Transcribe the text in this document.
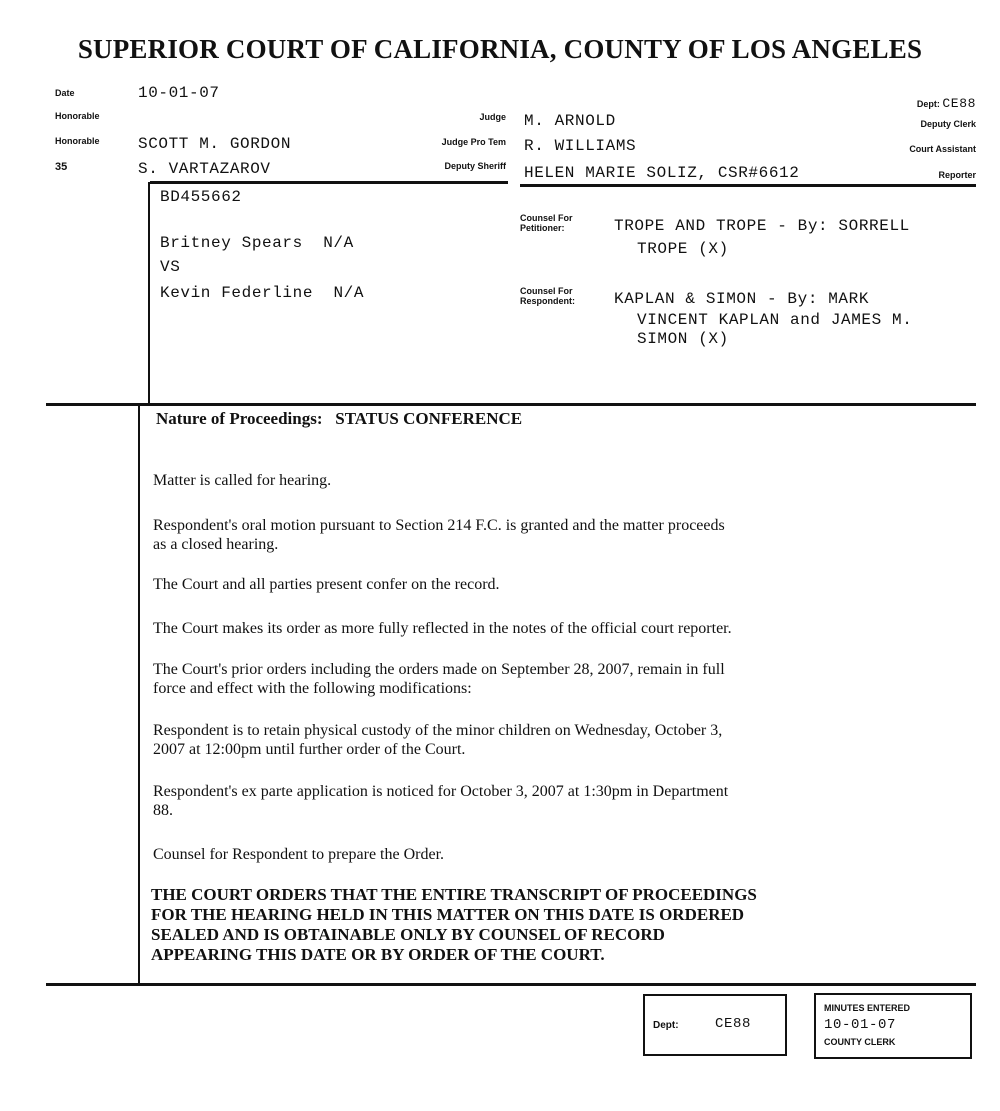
SUPERIOR COURT OF CALIFORNIA, COUNTY OF LOS ANGELES
Date
Honorable
Honorable
35
10-01-07
SCOTT M. GORDON
S. VARTAZAROV
Judge
Judge Pro Tem
Deputy Sheriff
M. ARNOLD
R. WILLIAMS
HELEN MARIE SOLIZ, CSR#6612
Dept: CE88
Deputy Clerk
Court Assistant
Reporter
BD455662
Britney Spears N/A
VS
Kevin Federline N/A
Counsel For Petitioner:
Counsel For Respondent:
TROPE AND TROPE - By: SORRELL
TROPE (X)
KAPLAN & SIMON - By: MARK
VINCENT KAPLAN and JAMES M.
SIMON (X)
Nature of Proceedings: STATUS CONFERENCE
Matter is called for hearing.
Respondent's oral motion pursuant to Section 214 F.C. is granted and the matter proceeds
as a closed hearing.
The Court and all parties present confer on the record.
The Court makes its order as more fully reflected in the notes of the official court reporter.
The Court's prior orders including the orders made on September 28, 2007, remain in full
force and effect with the following modifications:
Respondent is to retain physical custody of the minor children on Wednesday, October 3,
2007 at 12:00pm until further order of the Court.
Respondent's ex parte application is noticed for October 3, 2007 at 1:30pm in Department
88.
Counsel for Respondent to prepare the Order.
THE COURT ORDERS THAT THE ENTIRE TRANSCRIPT OF PROCEEDINGS
FOR THE HEARING HELD IN THIS MATTER ON THIS DATE IS ORDERED
SEALED AND IS OBTAINABLE ONLY BY COUNSEL OF RECORD
APPEARING THIS DATE OR BY ORDER OF THE COURT.
Dept:	CE88
MINUTES ENTERED
10-01-07
COUNTY CLERK
